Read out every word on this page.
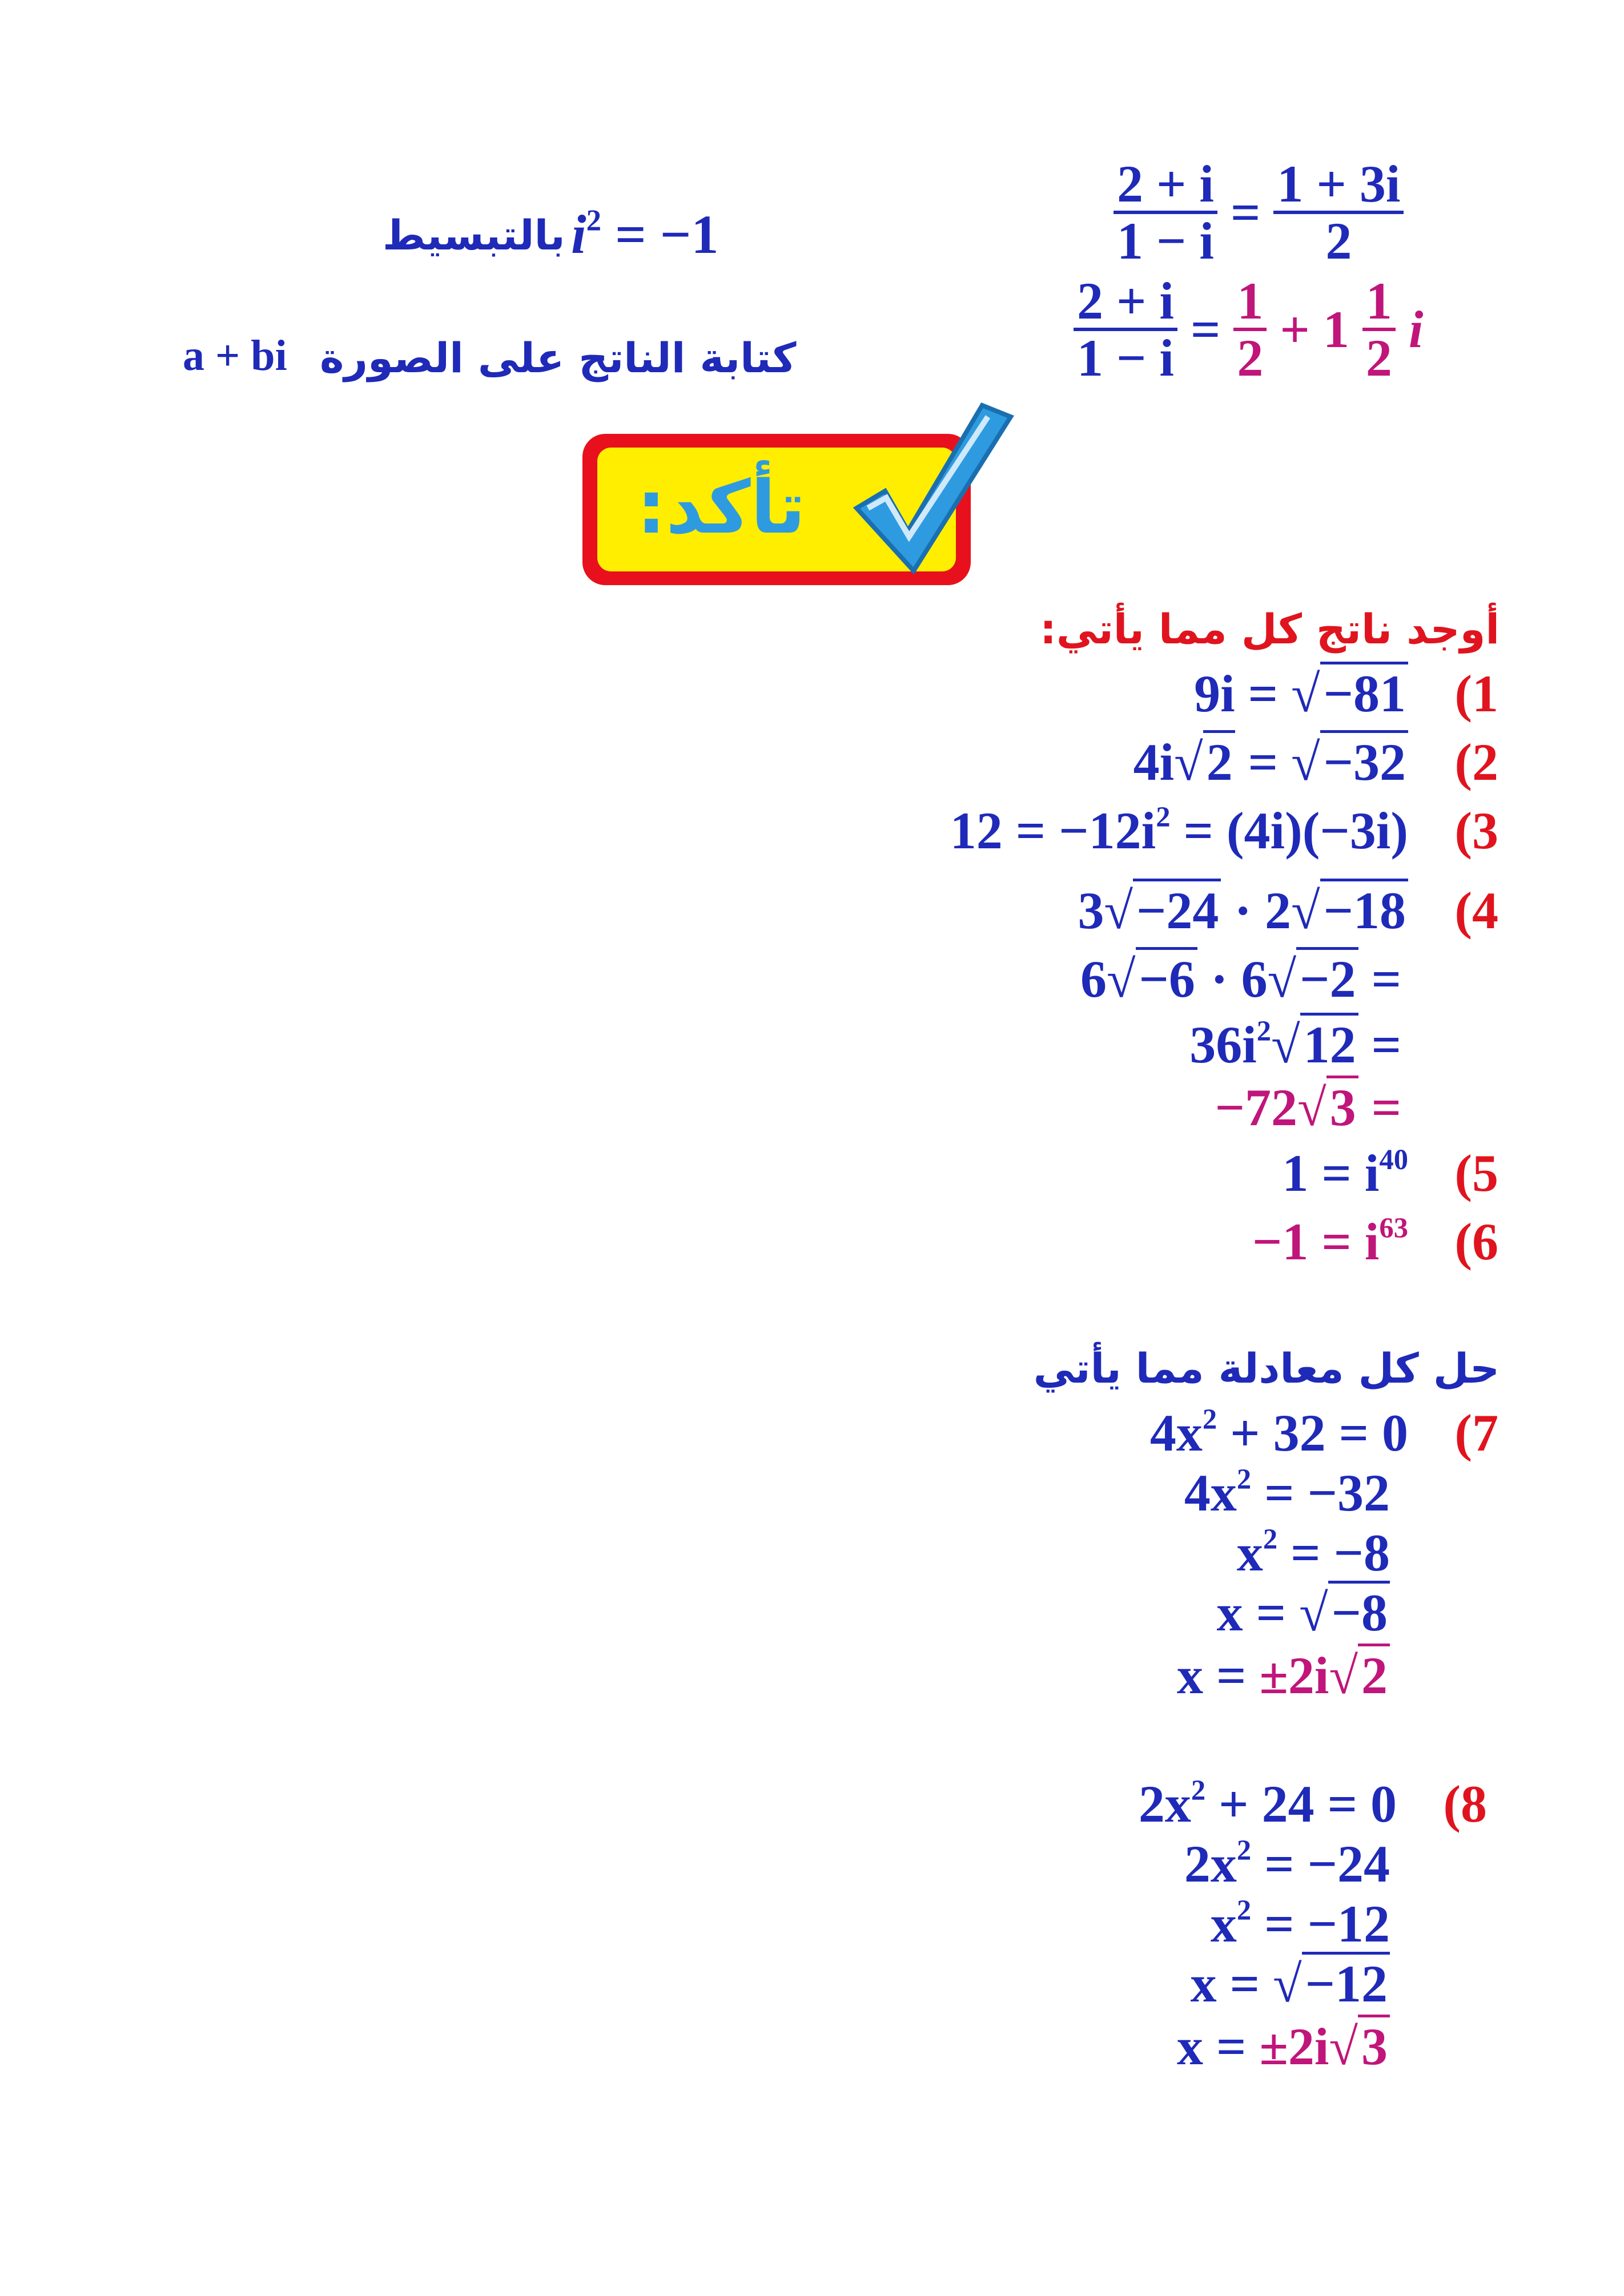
بالتبسيط $i^2 = -1$
كتابة الناتج على الصورة
a + bi
$\frac{2 + i}{1 - i} = \frac{1 + 3i}{2}$
$\frac{2 + i}{1 - i} = \frac{1}{2} + 1 \frac{1}{2}$ i
تأكد:
أوجد ناتج كل مما يأتي:
9i = √−81 (1
4i√2 = √−32 (2
$12 = -12i^2 = (4i)(-3i)$ (3
3√−24 · 2√−18 (4
6√−6 · 6√−2 =
$36i^2√12$ =
−72√3 =
$1 = i^{40}$ (5
$-1 = i^{63}$ (6
حل كل معادلة مما يأتي
$4x^2 + 32 = 0$ (7
$4x^2 = -32$
$x^2 = -8$
x = √−8
x = ±2i√2
$2x^2 + 24 = 0$ (8
$2x^2 = -24$
$x^2 = -12$
x = √−12
x = ±2i√3
